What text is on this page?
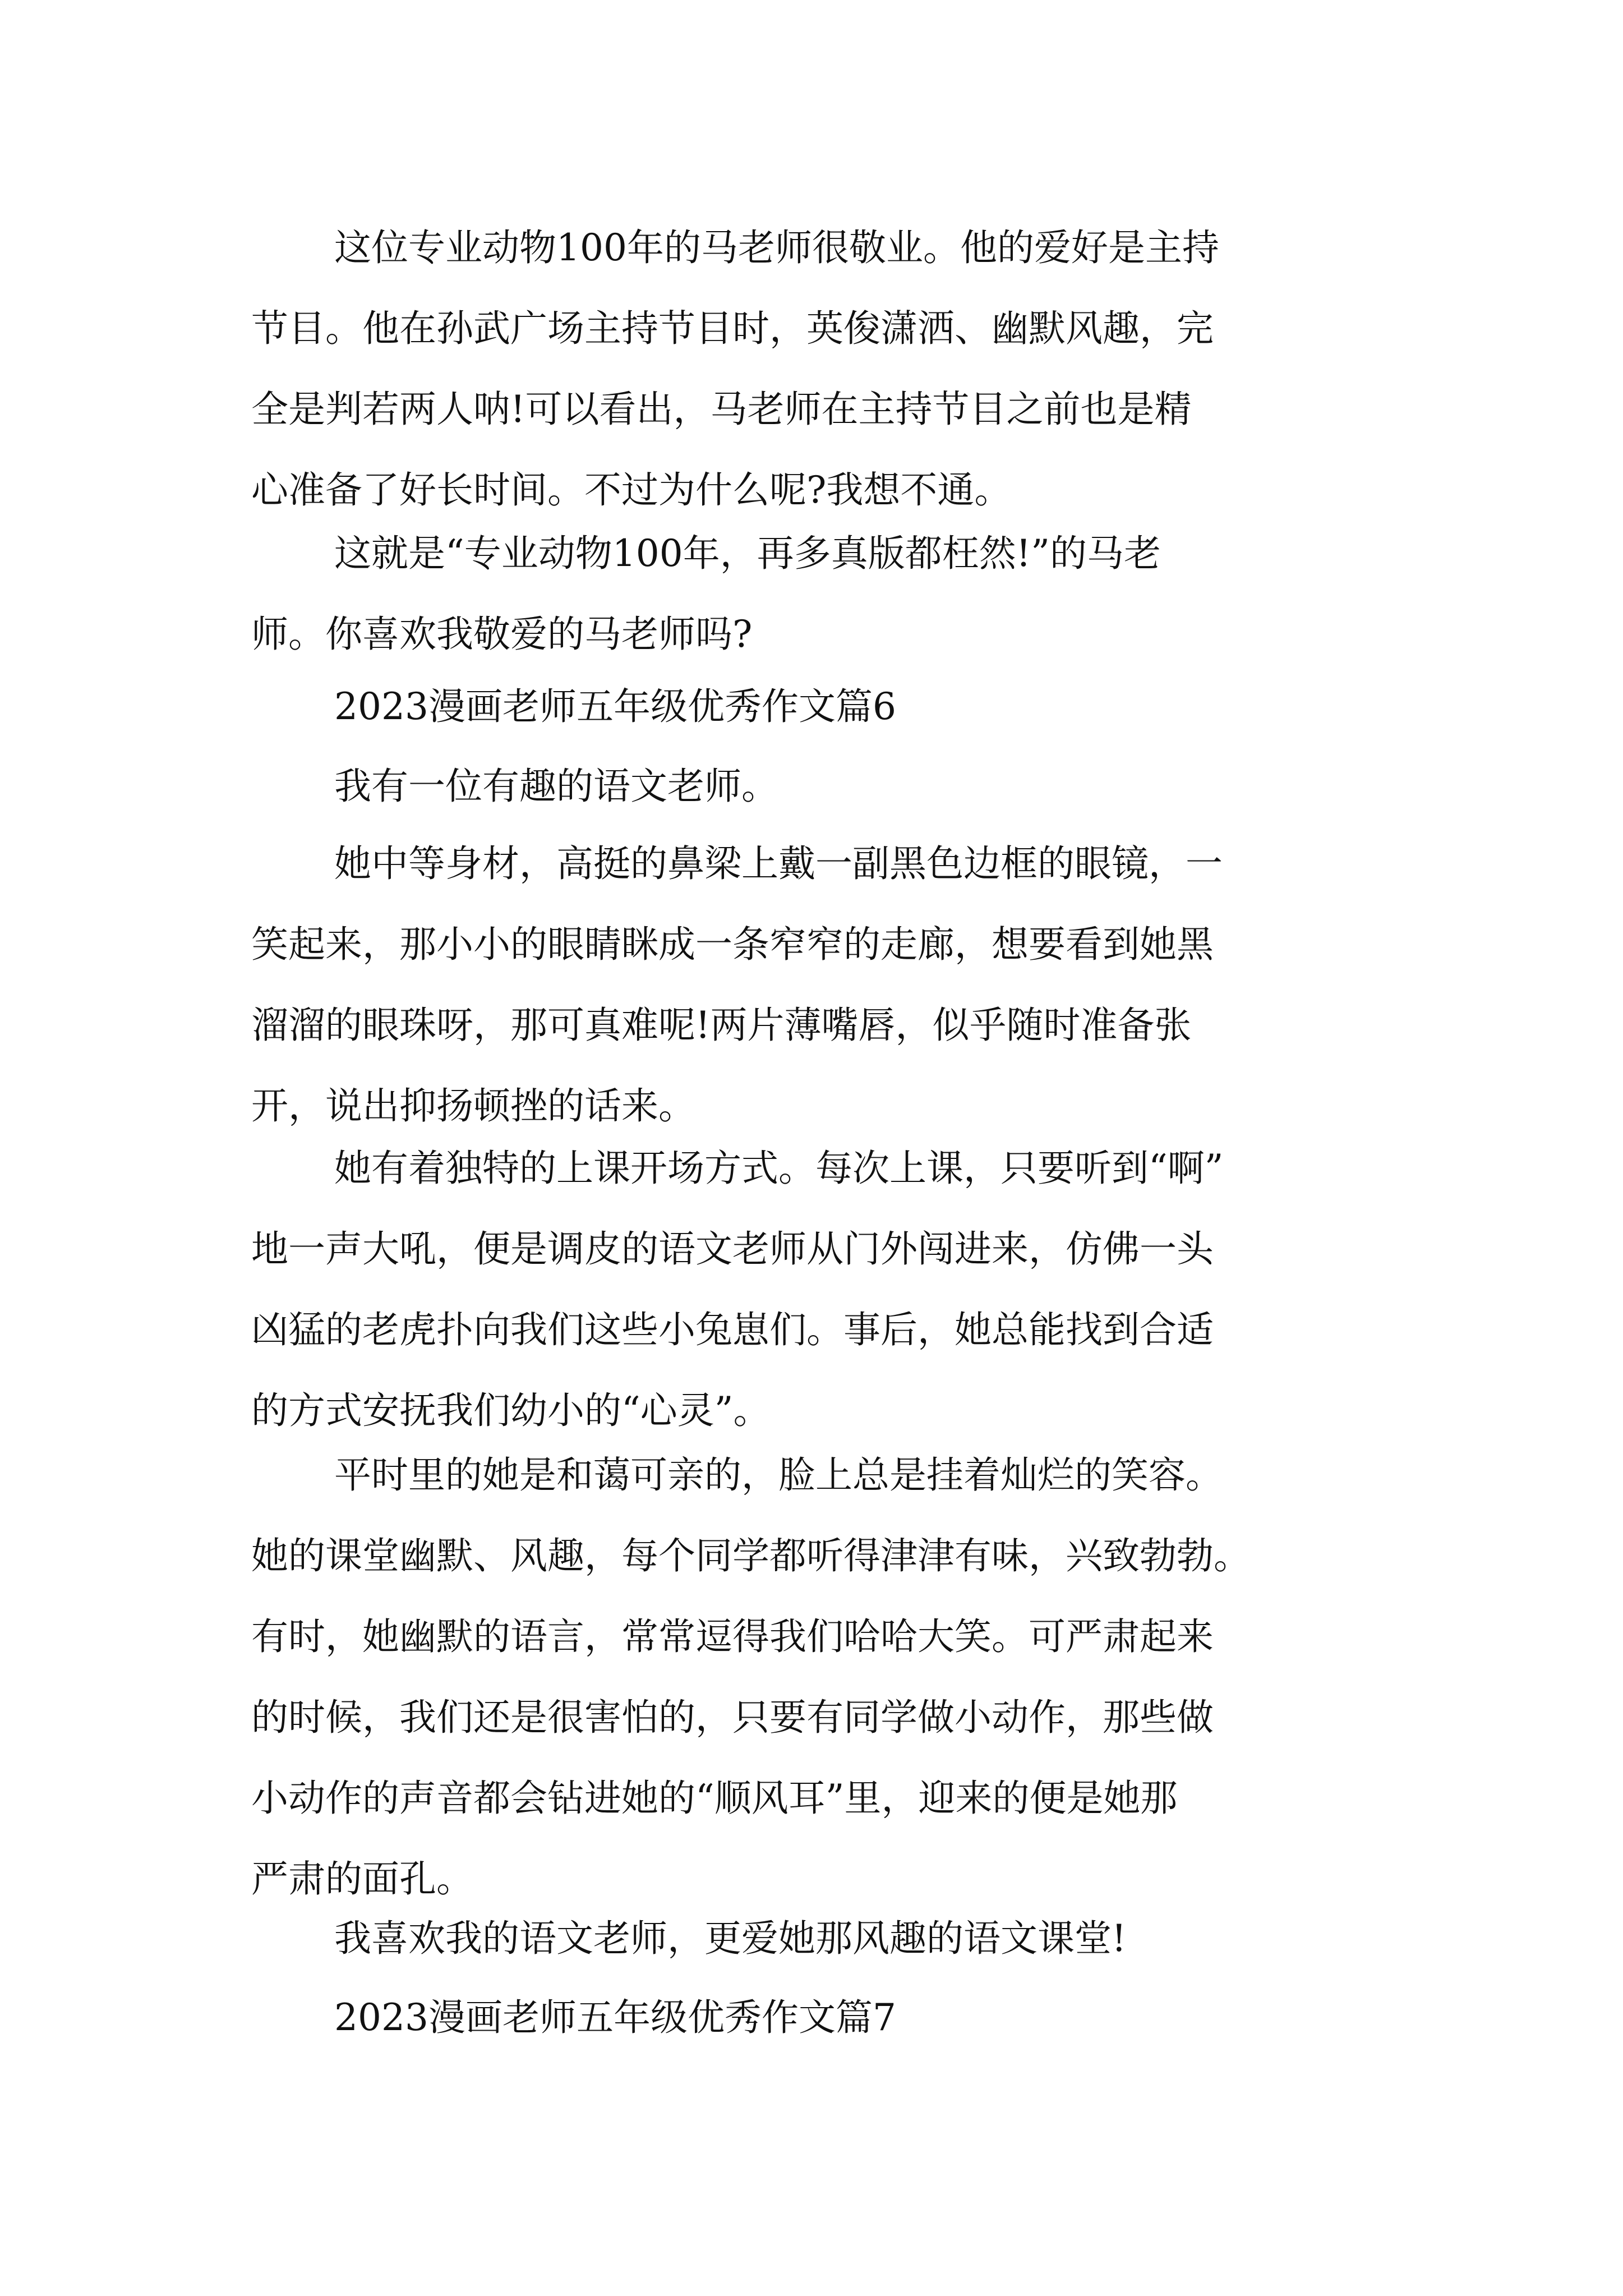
这位专业动物100年的马老师很敬业。他的爱好是主持
节目。他在孙武广场主持节目时，英俊潇洒、幽默风趣，完
全是判若两人呐!可以看出，马老师在主持节目之前也是精
心准备了好长时间。不过为什么呢?我想不通。
这就是“专业动物100年，再多真版都枉然!”的马老
师。你喜欢我敬爱的马老师吗?
2023漫画老师五年级优秀作文篇6
我有一位有趣的语文老师。
她中等身材，高挺的鼻梁上戴一副黑色边框的眼镜，一
笑起来，那小小的眼睛眯成一条窄窄的走廊，想要看到她黑
溜溜的眼珠呀，那可真难呢!两片薄嘴唇，似乎随时准备张
开，说出抑扬顿挫的话来。
她有着独特的上课开场方式。每次上课，只要听到“啊”
地一声大吼，便是调皮的语文老师从门外闯进来，仿佛一头
凶猛的老虎扑向我们这些小兔崽们。事后，她总能找到合适
的方式安抚我们幼小的“心灵”。
平时里的她是和蔼可亲的，脸上总是挂着灿烂的笑容。
她的课堂幽默、风趣，每个同学都听得津津有味，兴致勃勃。
有时，她幽默的语言，常常逗得我们哈哈大笑。可严肃起来
的时候，我们还是很害怕的，只要有同学做小动作，那些做
小动作的声音都会钻进她的“顺风耳”里，迎来的便是她那
严肃的面孔。
我喜欢我的语文老师，更爱她那风趣的语文课堂!
2023漫画老师五年级优秀作文篇7
